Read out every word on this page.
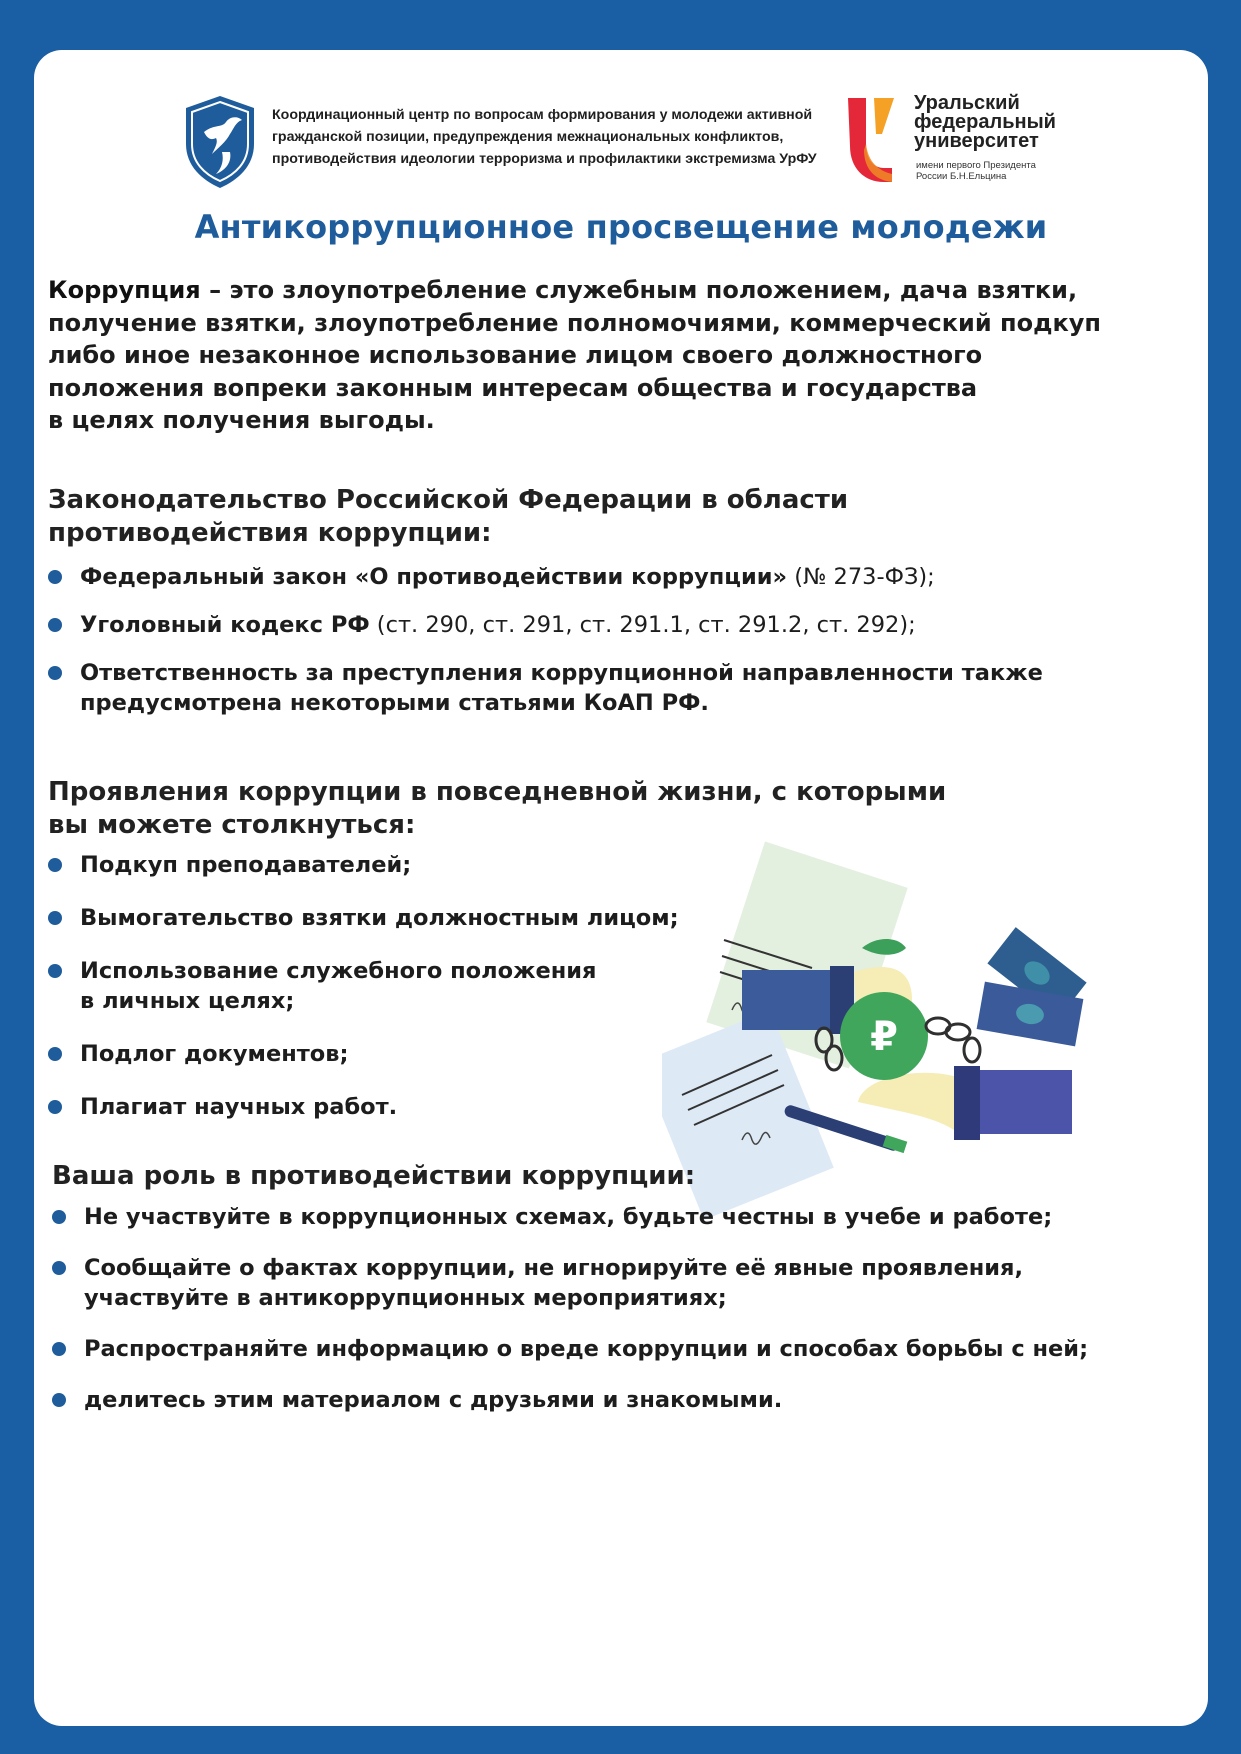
Координационный центр по вопросам формирования у молодежи активной
гражданской позиции, предупреждения межнациональных конфликтов,
противодействия идеологии терроризма и профилактики экстремизма УрФУ
Уральский
федеральный
университет
имени первого Президента
России Б.Н.Ельцина
Антикоррупционное просвещение молодежи
Коррупция – это злоупотребление служебным положением, дача взятки,
получение взятки, злоупотребление полномочиями, коммерческий подкуп
либо иное незаконное использование лицом своего должностного
положения вопреки законным интересам общества и государства
в целях получения выгоды.
Законодательство Российской Федерации в области
противодействия коррупции:
Федеральный закон «О противодействии коррупции» (№ 273-ФЗ);
Уголовный кодекс РФ (ст. 290, ст. 291, ст. 291.1, ст. 291.2, ст. 292);
Ответственность за преступления коррупционной направленности также
предусмотрена некоторыми статьями КоАП РФ.
Проявления коррупции в повседневной жизни, с которыми
вы можете столкнуться:
Подкуп преподавателей;
Вымогательство взятки должностным лицом;
Использование служебного положения
в личных целях;
Подлог документов;
Плагиат научных работ.
₽
Ваша роль в противодействии коррупции:
Не участвуйте в коррупционных схемах, будьте честны в учебе и работе;
Сообщайте о фактах коррупции, не игнорируйте её явные проявления,
участвуйте в антикоррупционных мероприятиях;
Распространяйте информацию о вреде коррупции и способах борьбы с ней;
делитесь этим материалом с друзьями и знакомыми.
